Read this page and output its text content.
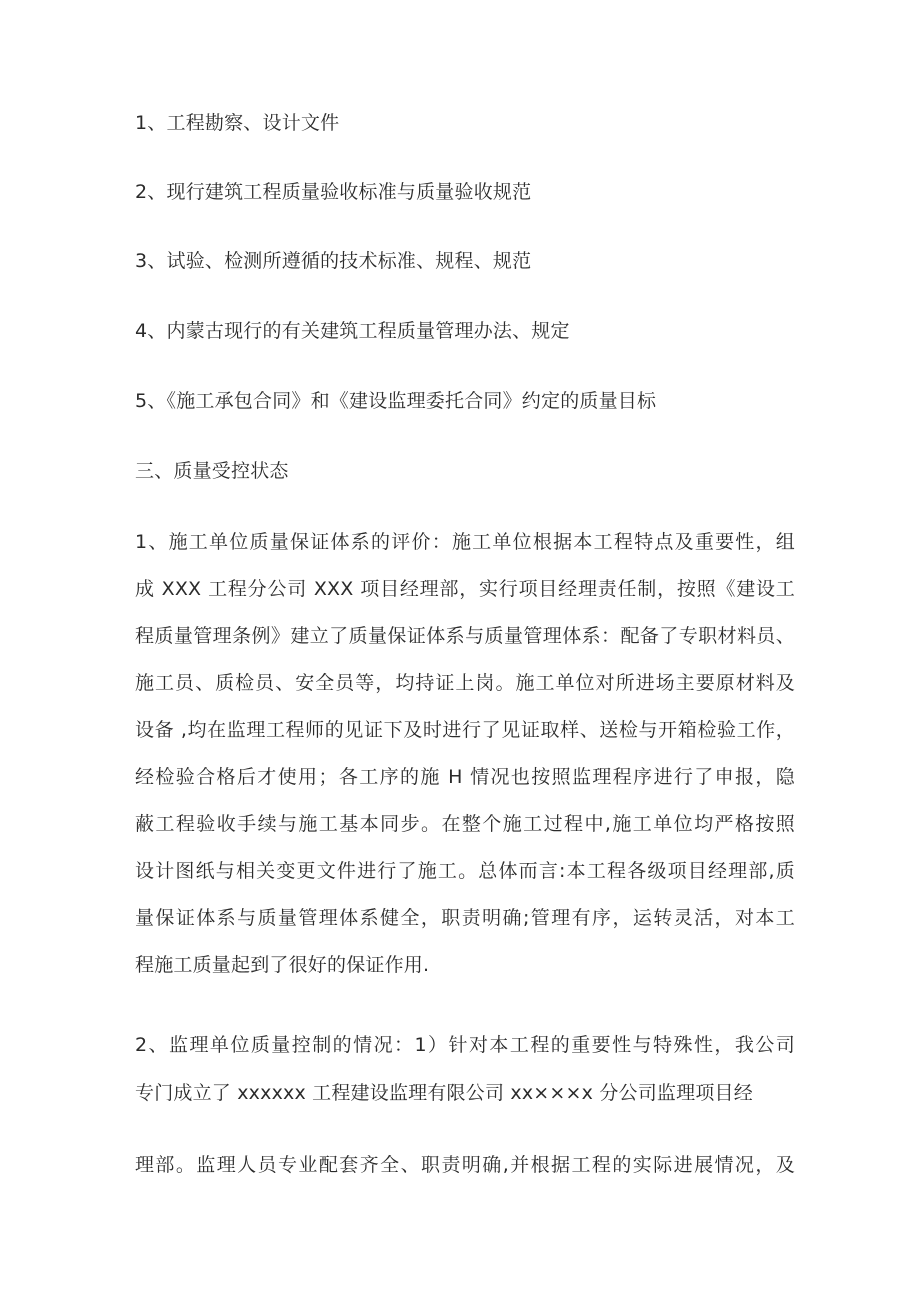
1、工程勘察、设计文件
2、现行建筑工程质量验收标准与质量验收规范
3、试验、检测所遵循的技术标准、规程、规范
4、内蒙古现行的有关建筑工程质量管理办法、规定
5、《施工承包合同》和《建设监理委托合同》约定的质量目标
三、质量受控状态
1、施工单位质量保证体系的评价：施工单位根据本工程特点及重要性，组
成 XXX 工程分公司 XXX 项目经理部，实行项目经理责任制，按照《建设工
程质量管理条例》建立了质量保证体系与质量管理体系：配备了专职材料员、
施工员、质检员、安全员等，均持证上岗。施工单位对所进场主要原材料及
设备 ,均在监理工程师的见证下及时进行了见证取样、送检与开箱检验工作，
经检验合格后才使用；各工序的施 H 情况也按照监理程序进行了申报，隐
蔽工程验收手续与施工基本同步。在整个施工过程中,施工单位均严格按照
设计图纸与相关变更文件进行了施工。总体而言:本工程各级项目经理部,质
量保证体系与质量管理体系健全，职责明确;管理有序，运转灵活，对本工
程施工质量起到了很好的保证作用.
2、监理单位质量控制的情况：1）针对本工程的重要性与特殊性，我公司
专门成立了 xxxxxx 工程建设监理有限公司 xx×××x 分公司监理项目经
理部。监理人员专业配套齐全、职责明确,并根据工程的实际进展情况，及
